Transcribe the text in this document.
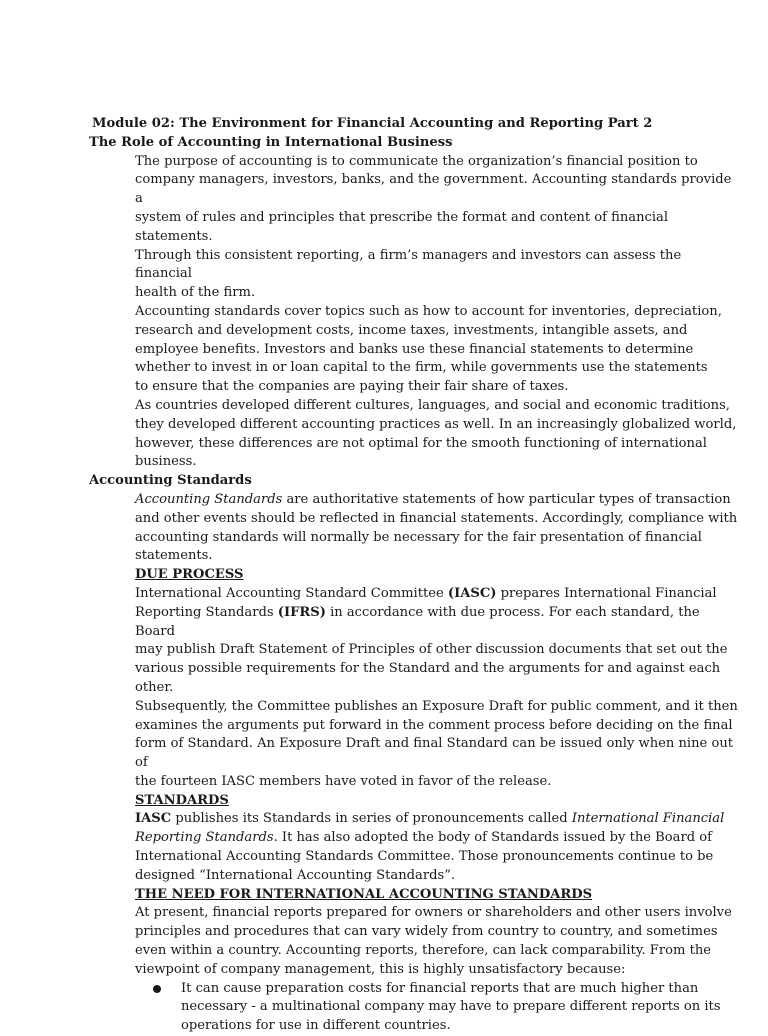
Module 02: The Environment for Financial Accounting and Reporting Part 2

The Role of Accounting in International Business

The purpose of accounting is to communicate the organization’s financial position to

company managers, investors, banks, and the government. Accounting standards provide a

system of rules and principles that prescribe the format and content of financial statements.

Through this consistent reporting, a firm’s managers and investors can assess the financial

health of the firm.

Accounting standards cover topics such as how to account for inventories, depreciation,

research and development costs, income taxes, investments, intangible assets, and

employee benefits. Investors and banks use these financial statements to determine

whether to invest in or loan capital to the firm, while governments use the statements

to ensure that the companies are paying their fair share of taxes.

As countries developed different cultures, languages, and social and economic traditions,

they developed different accounting practices as well. In an increasingly globalized world,

however, these differences are not optimal for the smooth functioning of international

business.

Accounting Standards

Accounting Standards are authoritative statements of how particular types of transaction

and other events should be reflected in financial statements. Accordingly, compliance with

accounting standards will normally be necessary for the fair presentation of financial

statements.

DUE PROCESS

International Accounting Standard Committee (IASC) prepares International Financial

Reporting Standards (IFRS) in accordance with due process. For each standard, the Board

may publish Draft Statement of Principles of other discussion documents that set out the

various possible requirements for the Standard and the arguments for and against each

other.

Subsequently, the Committee publishes an Exposure Draft for public comment, and it then

examines the arguments put forward in the comment process before deciding on the final

form of Standard. An Exposure Draft and final Standard can be issued only when nine out of

the fourteen IASC members have voted in favor of the release.

STANDARDS

IASC publishes its Standards in series of pronouncements called International Financial

Reporting Standards. It has also adopted the body of Standards issued by the Board of

International Accounting Standards Committee. Those pronouncements continue to be

designed “International Accounting Standards”.

THE NEED FOR INTERNATIONAL ACCOUNTING STANDARDS

At present, financial reports prepared for owners or shareholders and other users involve

principles and procedures that can vary widely from country to country, and sometimes

even within a country. Accounting reports, therefore, can lack comparability. From the

viewpoint of company management, this is highly unsatisfactory because:

It can cause preparation costs for financial reports that are much higher than

necessary - a multinational company may have to prepare different reports on its

operations for use in different countries.
